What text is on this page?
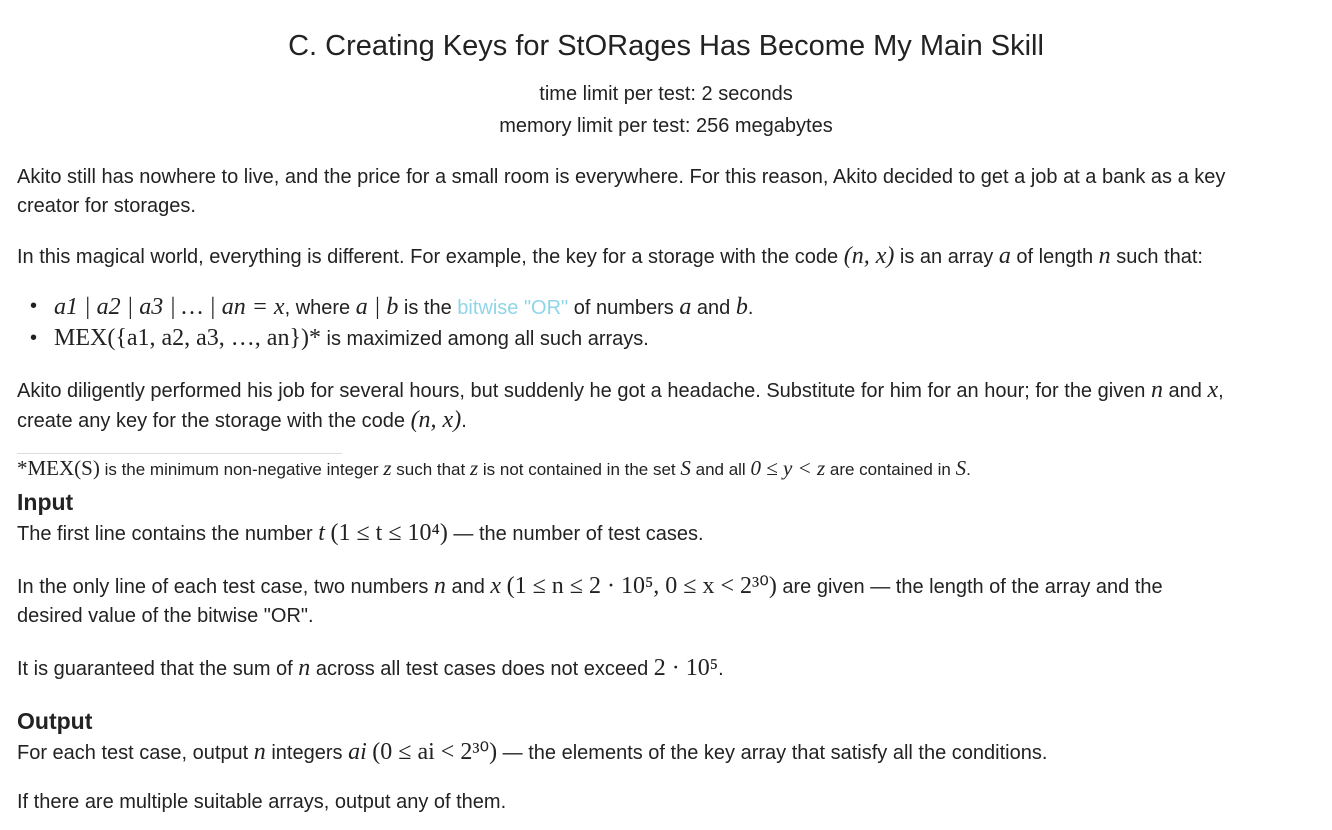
C. Creating Keys for StORages Has Become My Main Skill
time limit per test: 2 seconds
memory limit per test: 256 megabytes
Akito still has nowhere to live, and the price for a small room is everywhere. For this reason, Akito decided to get a job at a bank as a key
creator for storages.
In this magical world, everything is different. For example, the key for a storage with the code (n, x) is an array a of length n such that:
• a1 | a2 | a3 | … | an = x, where a | b is the bitwise "OR" of numbers a and b.
• MEX({a1, a2, a3, …, an})* is maximized among all such arrays.
Akito diligently performed his job for several hours, but suddenly he got a headache. Substitute for him for an hour; for the given n and x,
create any key for the storage with the code (n, x).
*MEX(S) is the minimum non-negative integer z such that z is not contained in the set S and all 0 ≤ y < z are contained in S.
Input
The first line contains the number t (1 ≤ t ≤ 10⁴) — the number of test cases.
In the only line of each test case, two numbers n and x (1 ≤ n ≤ 2 · 10⁵, 0 ≤ x < 2³⁰) are given — the length of the array and the
desired value of the bitwise "OR".
It is guaranteed that the sum of n across all test cases does not exceed 2 · 10⁵.
Output
For each test case, output n integers ai (0 ≤ ai < 2³⁰) — the elements of the key array that satisfy all the conditions.
If there are multiple suitable arrays, output any of them.
